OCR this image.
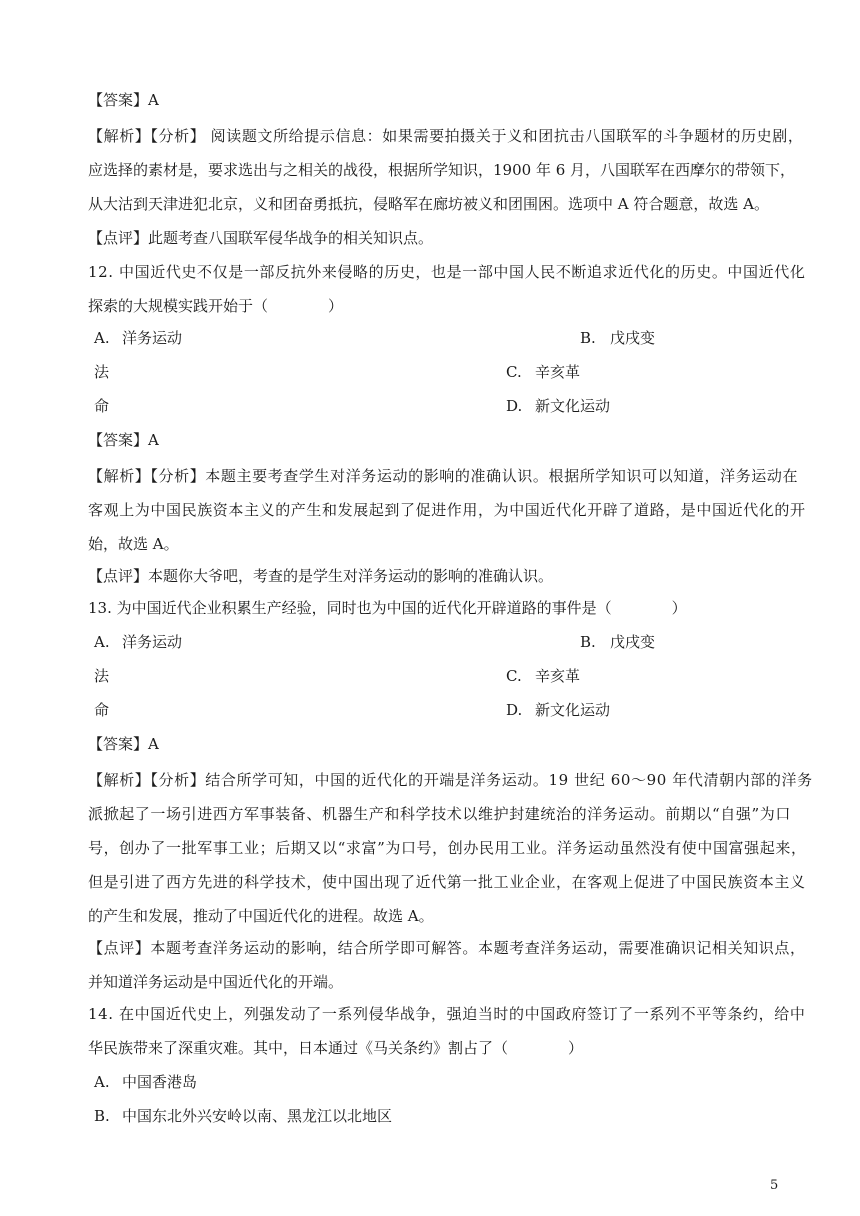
【答案】A
【解析】【分析】 阅读题文所给提示信息：如果需要拍摄关于义和团抗击八国联军的斗争题材的历史剧，
应选择的素材是，要求选出与之相关的战役，根据所学知识，1900 年 6 月，八国联军在西摩尔的带领下，
从大沽到天津进犯北京，义和团奋勇抵抗，侵略军在廊坊被义和团围困。选项中 A 符合题意，故选 A。
【点评】此题考查八国联军侵华战争的相关知识点。
12. 中国近代史不仅是一部反抗外来侵略的历史，也是一部中国人民不断追求近代化的历史。中国近代化
探索的大规模实践开始于（　　　　）
A. 洋务运动	B. 戊戌变
法	C. 辛亥革
命	D. 新文化运动
【答案】A
【解析】【分析】本题主要考查学生对洋务运动的影响的准确认识。根据所学知识可以知道，洋务运动在
客观上为中国民族资本主义的产生和发展起到了促进作用，为中国近代化开辟了道路，是中国近代化的开
始，故选 A。
【点评】本题你大爷吧，考查的是学生对洋务运动的影响的准确认识。
13. 为中国近代企业积累生产经验，同时也为中国的近代化开辟道路的事件是（　　　　）
A. 洋务运动	B. 戊戌变
法	C. 辛亥革
命	D. 新文化运动
【答案】A
【解析】【分析】结合所学可知，中国的近代化的开端是洋务运动。19 世纪 60～90 年代清朝内部的洋务
派掀起了一场引进西方军事装备、机器生产和科学技术以维护封建统治的洋务运动。前期以“自强”为口
号，创办了一批军事工业；后期又以“求富”为口号，创办民用工业。洋务运动虽然没有使中国富强起来，
但是引进了西方先进的科学技术，使中国出现了近代第一批工业企业，在客观上促进了中国民族资本主义
的产生和发展，推动了中国近代化的进程。故选 A。
【点评】本题考查洋务运动的影响，结合所学即可解答。本题考查洋务运动，需要准确识记相关知识点，
并知道洋务运动是中国近代化的开端。
14. 在中国近代史上，列强发动了一系列侵华战争，强迫当时的中国政府签订了一系列不平等条约，给中
华民族带来了深重灾难。其中，日本通过《马关条约》割占了（　　　　）
A. 中国香港岛
B. 中国东北外兴安岭以南、黑龙江以北地区
5
